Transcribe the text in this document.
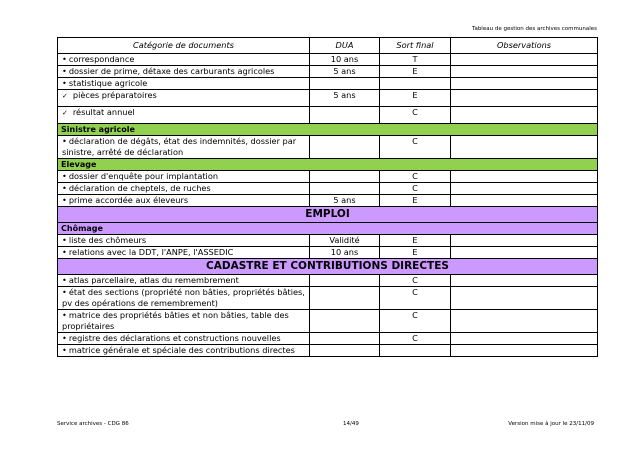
Tableau de gestion des archives communales
Catégorie de documents	DUA	Sort final	Observations
• correspondance	10 ans	T	
• dossier de prime, détaxe des carburants agricoles	5 ans	E	
• statistique agricole			
✓ pièces préparatoires	5 ans	E	
✓ résultat annuel		C	
Sinistre agricole			
• déclaration de dégâts, état des indemnités, dossier par sinistre, arrêté de déclaration		C	
Elevage			
• dossier d'enquête pour implantation		C	
• déclaration de cheptels, de ruches		C	
• prime accordée aux éleveurs	5 ans	E	
EMPLOI			
Chômage			
• liste des chômeurs	Validité	E	
• relations avec la DDT, l'ANPE, l'ASSEDIC	10 ans	E	
CADASTRE ET CONTRIBUTIONS DIRECTES			
• atlas parcellaire, atlas du remembrement		C	
• état des sections (propriété non bâties, propriétés bâties, pv des opérations de remembrement)		C	
• matrice des propriétés bâties et non bâties, table des propriétaires		C	
• registre des déclarations et constructions nouvelles		C	
• matrice générale et spéciale des contributions directes			
Service archives - CDG 86	14/49	Version mise à jour le 23/11/09
